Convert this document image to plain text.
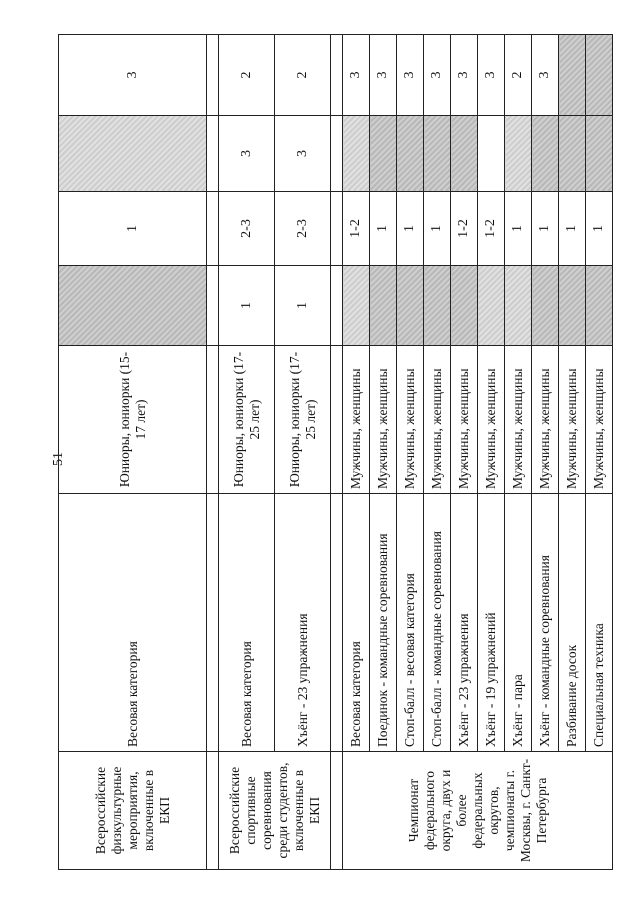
51
Всероссийские физкультурные мероприятия, включенные в ЕКП	Весовая категория	Юниоры, юниорки (15-17 лет)		1		3

Всероссийские спортивные соревнования среди студентов, включенные в ЕКП	Весовая категория	Юниоры, юниорки (17-25 лет)	1	2-3	3	2
	Хъёнг - 23 упражнения	Юниоры, юниорки (17-25 лет)	1	2-3	3	2

Чемпионат федерального округа, двух и более федеральных округов, чемпионаты г. Москвы, г. Санкт-Петербурга	Весовая категория	Мужчины, женщины		1-2		3
	Поединок - командные соревнования	Мужчины, женщины		1		3
	Стоп-балл - весовая категория	Мужчины, женщины		1		3
	Стоп-балл - командные соревнования	Мужчины, женщины		1		3
	Хъёнг - 23 упражнения	Мужчины, женщины		1-2		3
	Хъёнг - 19 упражнений	Мужчины, женщины		1-2		3
	Хъёнг - пара	Мужчины, женщины		1		2
	Хъёнг - командные соревнования	Мужчины, женщины		1		3
	Разбивание досок	Мужчины, женщины		1		
	Специальная техника	Мужчины, женщины		1		
